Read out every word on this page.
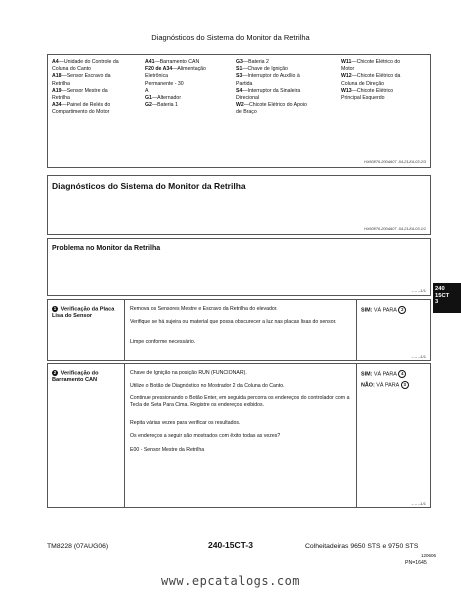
Diagnósticos do Sistema do Monitor da Retrilha
A4—Unidade do Controle da
Coluna do Canto
A18—Sensor Escravo da
Retrilha
A19—Sensor Mestre da
Retrilha
A34—Painel de Relés do
Compartimento do Motor
A41—Barramento CAN
F20 de A34—Alimentação
Eletrônica
Permanente - 30
A
G1—Alternador
G2—Bateria 1
G3—Bateria 2
S1—Chave de Ignição
S3—Interruptor do Auxílio à
Partida
S4—Interruptor da Sinaleira
Direcional
W2—Chicote Elétrico do Apoio
de Braço
W11—Chicote Elétrico do
Motor
W12—Chicote Elétrico da
Coluna de Direção
W13—Chicote Elétrico
Principal Esquerdo
HX60876-2004A07 -54-21JUL03-2/3
Diagnósticos do Sistema do Monitor da Retrilha
HX60876-2004A07 -54-21JUL03-1/1
Problema no Monitor da Retrilha
– – –1/1
1 Verificação da Placa Lisa do Sensor
Remova os Sensores Mestre e Escravo da Retrilha do elevador.
Verifique se há sujeira ou material que possa obscurecer a luz nas placas lisas do sensor.
Limpe conforme necessário.
SIM: VÁ PARA 2
– – –1/1
2 Verificação do Barramento CAN
Chave de Ignição na posição RUN (FUNCIONAR).
Utilize o Botão de Diagnóstico no Mostrador 2 da Coluna do Canto.
Continue pressionando o Botão Enter, em seguida percorra os endereços do controlador com a Tecla de Seta Para Cima. Registre os endereços exibidos.
Repita várias vezes para verificar os resultados.
Os endereços a seguir são mostrados com êxito todas as vezes?
E00 - Sensor Mestre da Retrilha
SIM: VÁ PARA 4
NÃO: VÁ PARA 3
– – –1/1
240
15CT
3
TM8228 (07AUG06)	240-15CT-3	Colheitadeiras 9650 STS e 9750 STS
120606
PN=1645
www.epcatalogs.com
